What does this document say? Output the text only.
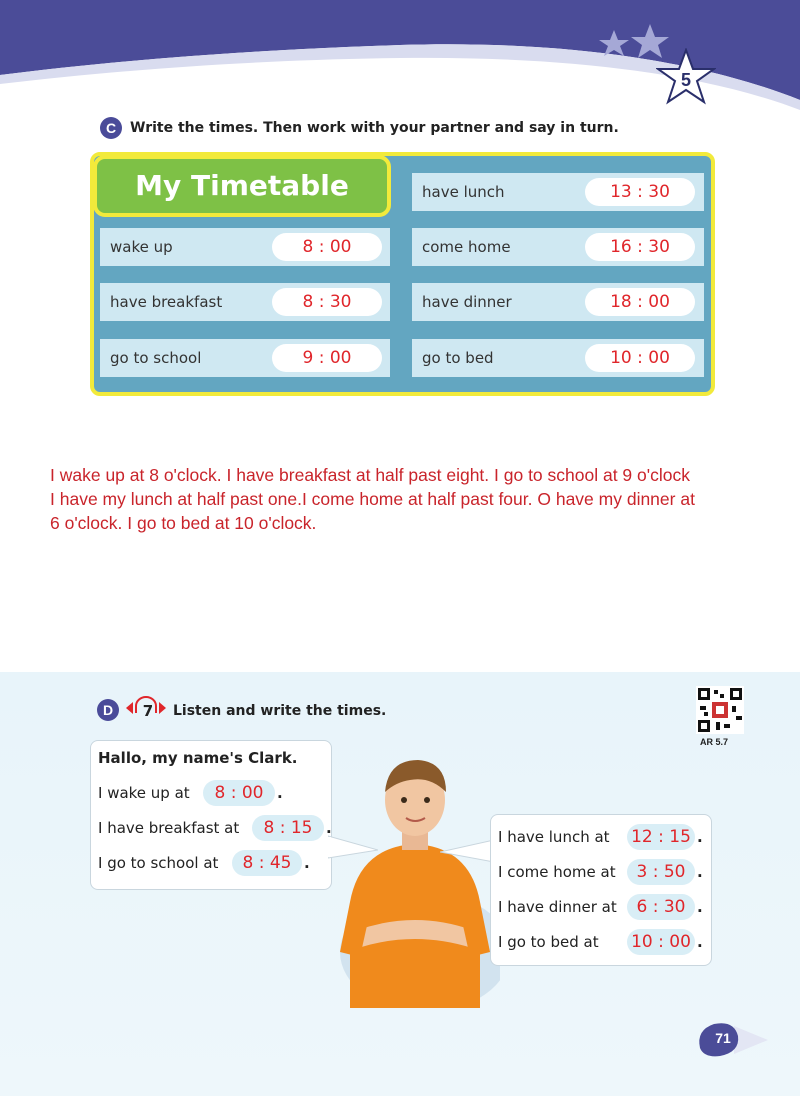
5
C Write the times. Then work with your partner and say in turn.
My Timetable
wake up	8 : 00
have breakfast	8 : 30
go to school	9 : 00
have lunch	13 : 30
come home	16 : 30
have dinner	18 : 00
go to bed	10 : 00
I wake up at 8 o'clock. I have breakfast at half past eight. I go to school at 9 o'clock
I have my lunch at half past one.I come home at half past four. O have my dinner at
6 o'clock. I go to bed at 10 o'clock.
D	7 Listen and write the times.
AR 5.7
Hallo, my name's Clark.
I wake up at	8 : 00 .
I have breakfast at	8 : 15 .
I go to school at	8 : 45 .
I have lunch at 12 : 15 .
I come home at	3 : 50 .
I have dinner at	6 : 30 .
I go to bed at 10 : 00 .
71
